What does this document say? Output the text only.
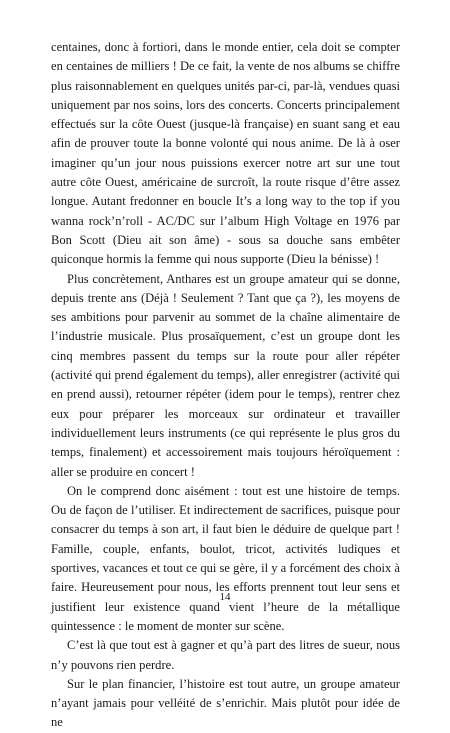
centaines, donc à fortiori, dans le monde entier, cela doit se compter en centaines de milliers ! De ce fait, la vente de nos albums se chiffre plus raisonnablement en quelques unités par-ci, par-là, vendues quasi uniquement par nos soins, lors des concerts. Concerts principalement effectués sur la côte Ouest (jusque-là française) en suant sang et eau afin de prouver toute la bonne volonté qui nous anime. De là à oser imaginer qu’un jour nous puissions exercer notre art sur une tout autre côte Ouest, américaine de surcroît, la route risque d’être assez longue. Autant fredonner en boucle It’s a long way to the top if you wanna rock’n’roll - AC/DC sur l’album High Voltage en 1976 par Bon Scott (Dieu ait son âme) - sous sa douche sans embêter quiconque hormis la femme qui nous supporte (Dieu la bénisse) !

Plus concrètement, Anthares est un groupe amateur qui se donne, depuis trente ans (Déjà ! Seulement ? Tant que ça ?), les moyens de ses ambitions pour parvenir au sommet de la chaîne alimentaire de l’industrie musicale. Plus prosaïquement, c’est un groupe dont les cinq membres passent du temps sur la route pour aller répéter (activité qui prend également du temps), aller enregistrer (activité qui en prend aussi), retourner répéter (idem pour le temps), rentrer chez eux pour préparer les morceaux sur ordinateur et travailler individuellement leurs instruments (ce qui représente le plus gros du temps, finalement) et accessoirement mais toujours héroïquement : aller se produire en concert !

On le comprend donc aisément : tout est une histoire de temps. Ou de façon de l’utiliser. Et indirectement de sacrifices, puisque pour consacrer du temps à son art, il faut bien le déduire de quelque part ! Famille, couple, enfants, boulot, tricot, activités ludiques et sportives, vacances et tout ce qui se gère, il y a forcément des choix à faire. Heureusement pour nous, les efforts prennent tout leur sens et justifient leur existence quand vient l’heure de la métallique quintessence : le moment de monter sur scène.

C’est là que tout est à gagner et qu’à part des litres de sueur, nous n’y pouvons rien perdre.

Sur le plan financier, l’histoire est tout autre, un groupe amateur n’ayant jamais pour velléité de s’enrichir. Mais plutôt pour idée de ne

14
